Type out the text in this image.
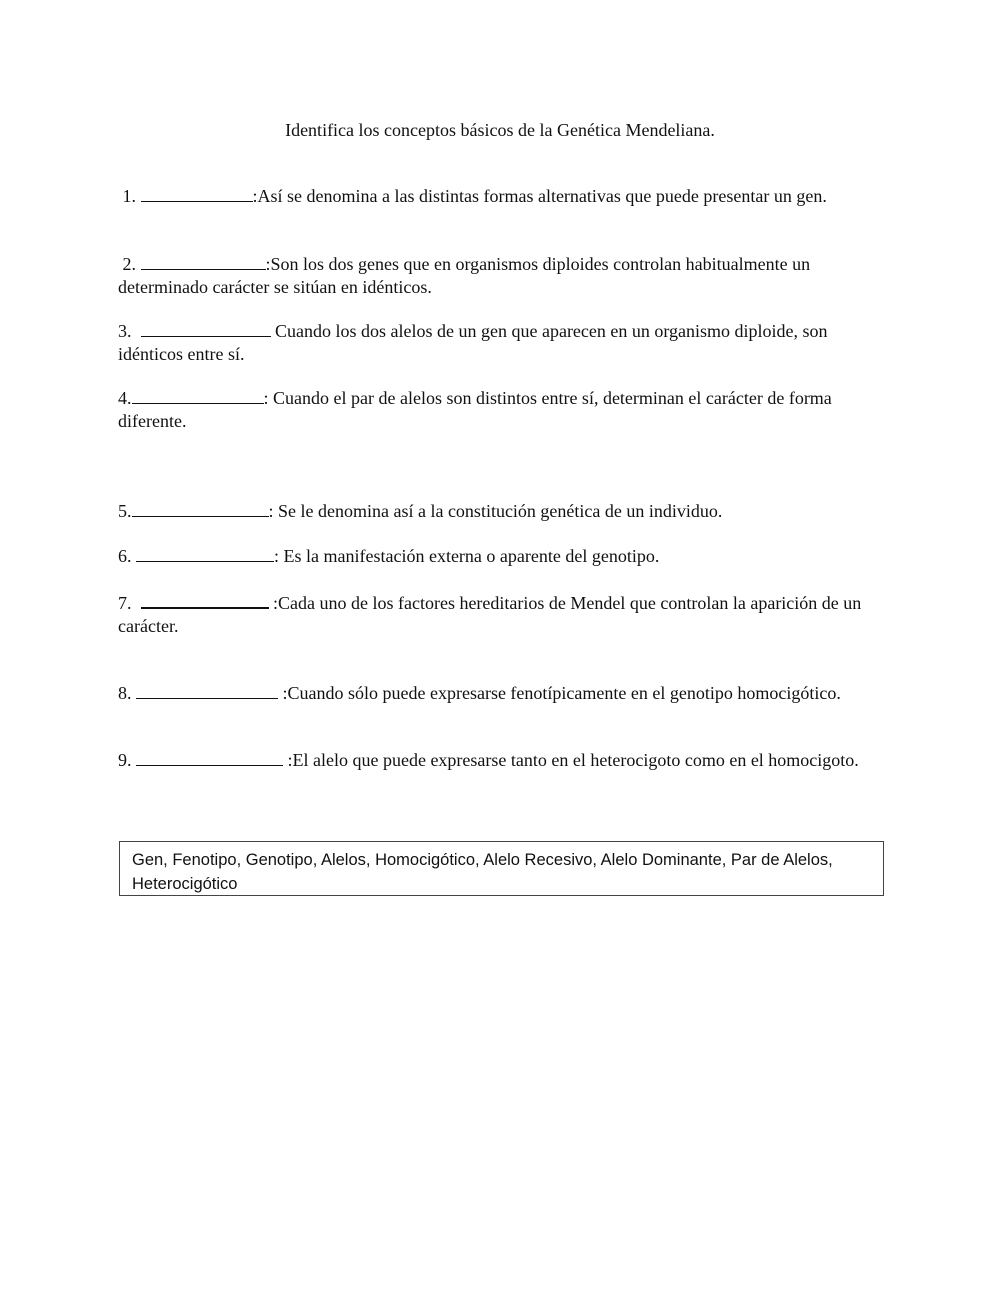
Identifica los conceptos básicos de la Genética Mendeliana.
1.	:Así se denomina a las distintas formas alternativas que puede presentar un gen.
2.	:Son los dos genes que en organismos diploides controlan habitualmente un determinado carácter se sitúan en idénticos.
3.	Cuando los dos alelos de un gen que aparecen en un organismo diploide, son idénticos entre sí.
4.	: Cuando el par de alelos son distintos entre sí, determinan el carácter de forma diferente.
5.	: Se le denomina así a la constitución genética de un individuo.
6.	: Es la manifestación externa o aparente del genotipo.
7.	:Cada uno de los factores hereditarios de Mendel que controlan la aparición de un carácter.
8.	:Cuando sólo puede expresarse fenotípicamente en el genotipo homocigótico.
9.	:El alelo que puede expresarse tanto en el heterocigoto como en el homocigoto.
Gen, Fenotipo, Genotipo, Alelos, Homocigótico, Alelo Recesivo, Alelo Dominante, Par de Alelos, Heterocigótico
